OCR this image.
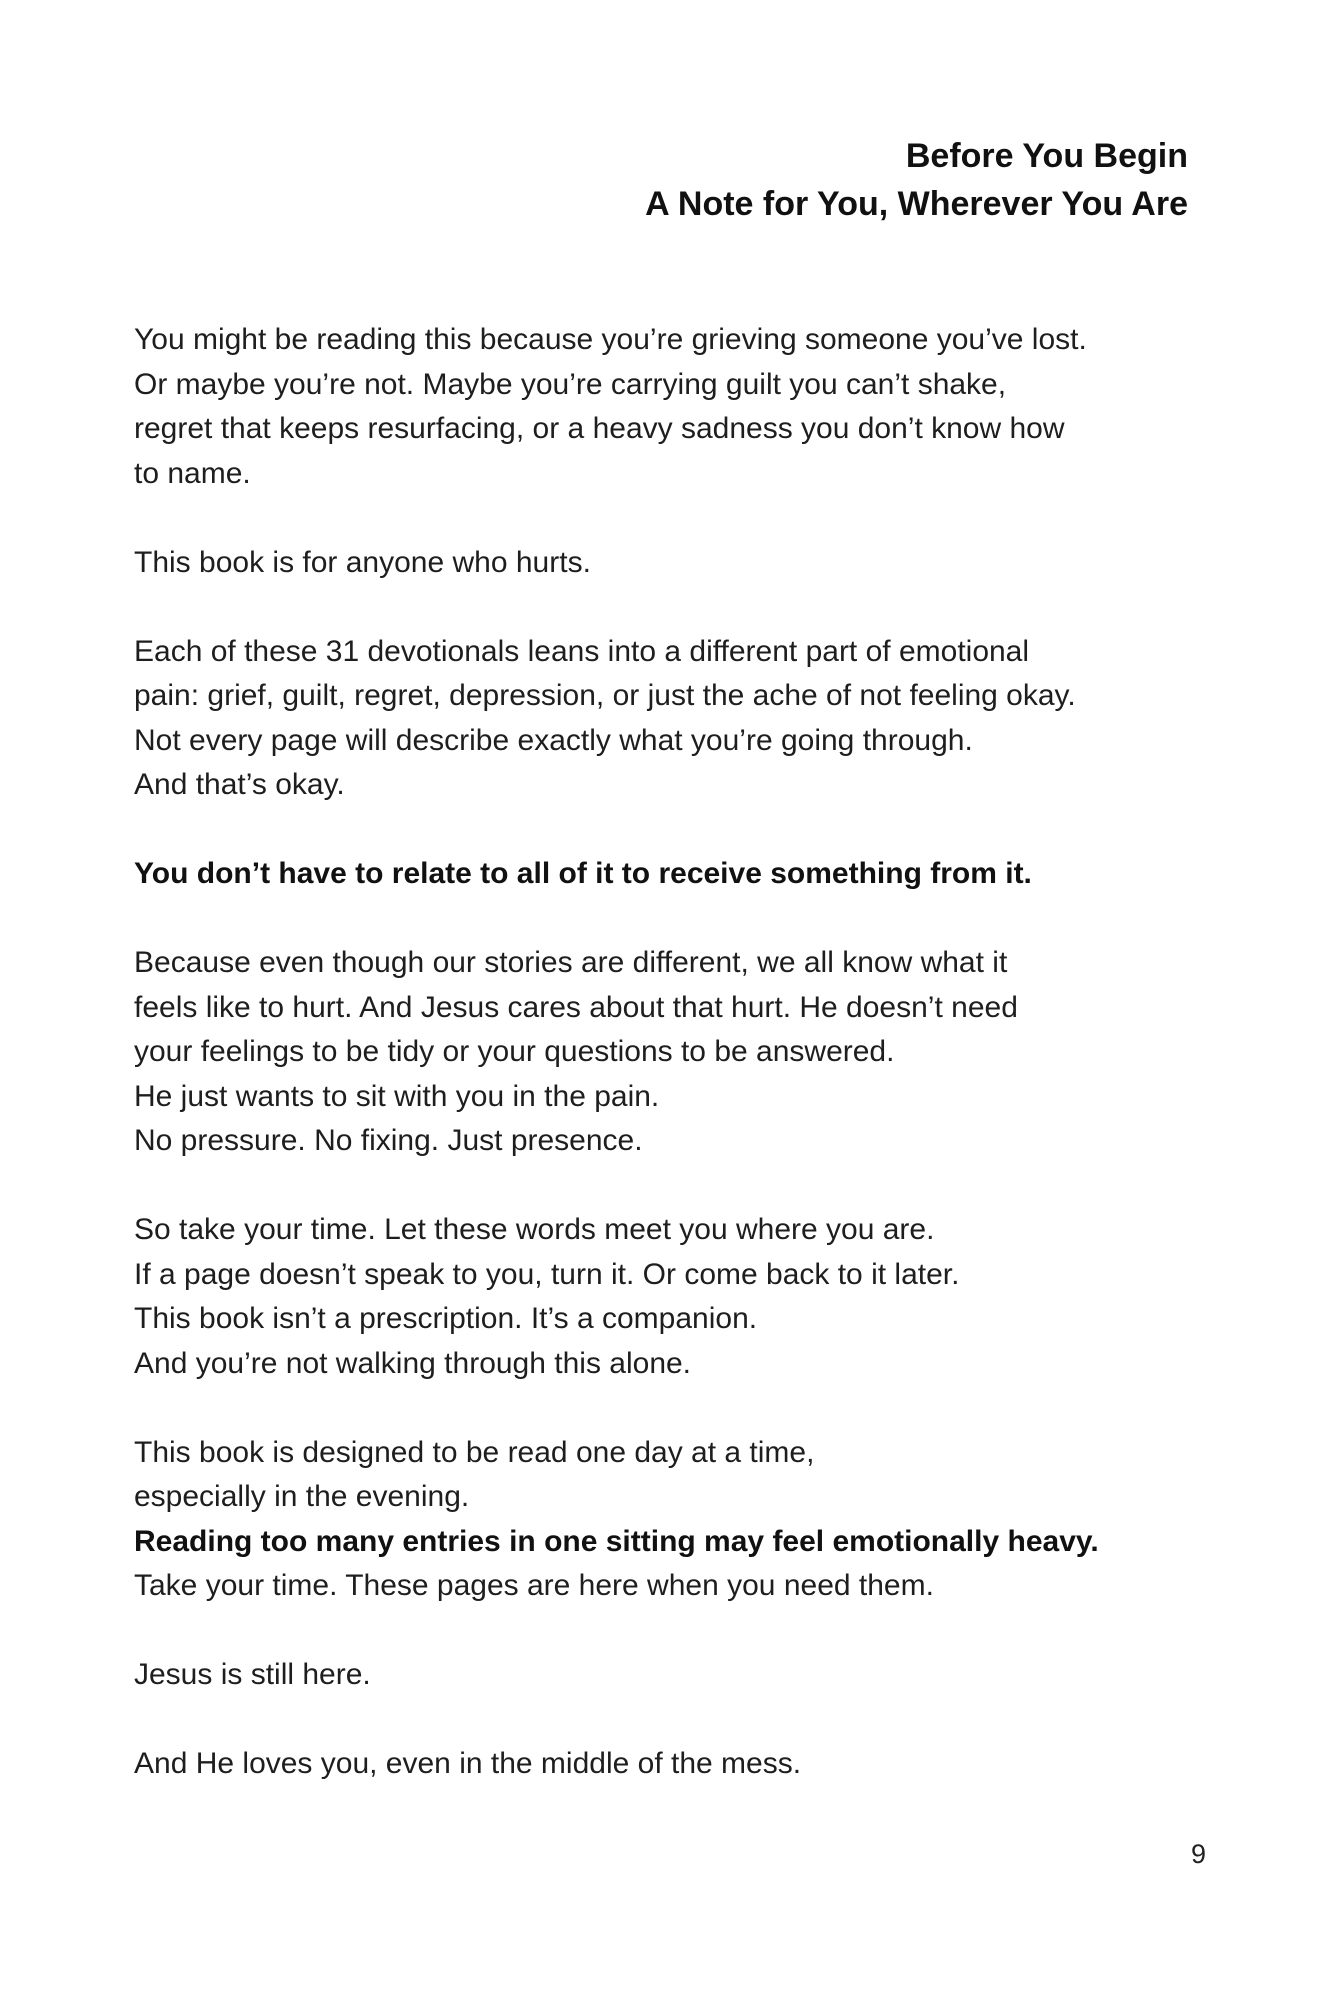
Before You Begin
A Note for You, Wherever You Are
You might be reading this because you’re grieving someone you’ve lost.
Or maybe you’re not. Maybe you’re carrying guilt you can’t shake,
regret that keeps resurfacing, or a heavy sadness you don’t know how
to name.
This book is for anyone who hurts.
Each of these 31 devotionals leans into a different part of emotional
pain: grief, guilt, regret, depression, or just the ache of not feeling okay.
Not every page will describe exactly what you’re going through.
And that’s okay.
You don’t have to relate to all of it to receive something from it.
Because even though our stories are different, we all know what it
feels like to hurt. And Jesus cares about that hurt. He doesn’t need
your feelings to be tidy or your questions to be answered.
He just wants to sit with you in the pain.
No pressure. No fixing. Just presence.
So take your time. Let these words meet you where you are.
If a page doesn’t speak to you, turn it. Or come back to it later.
This book isn’t a prescription. It’s a companion.
And you’re not walking through this alone.
This book is designed to be read one day at a time,
especially in the evening.
Reading too many entries in one sitting may feel emotionally heavy.
Take your time. These pages are here when you need them.
Jesus is still here.
And He loves you, even in the middle of the mess.
9
